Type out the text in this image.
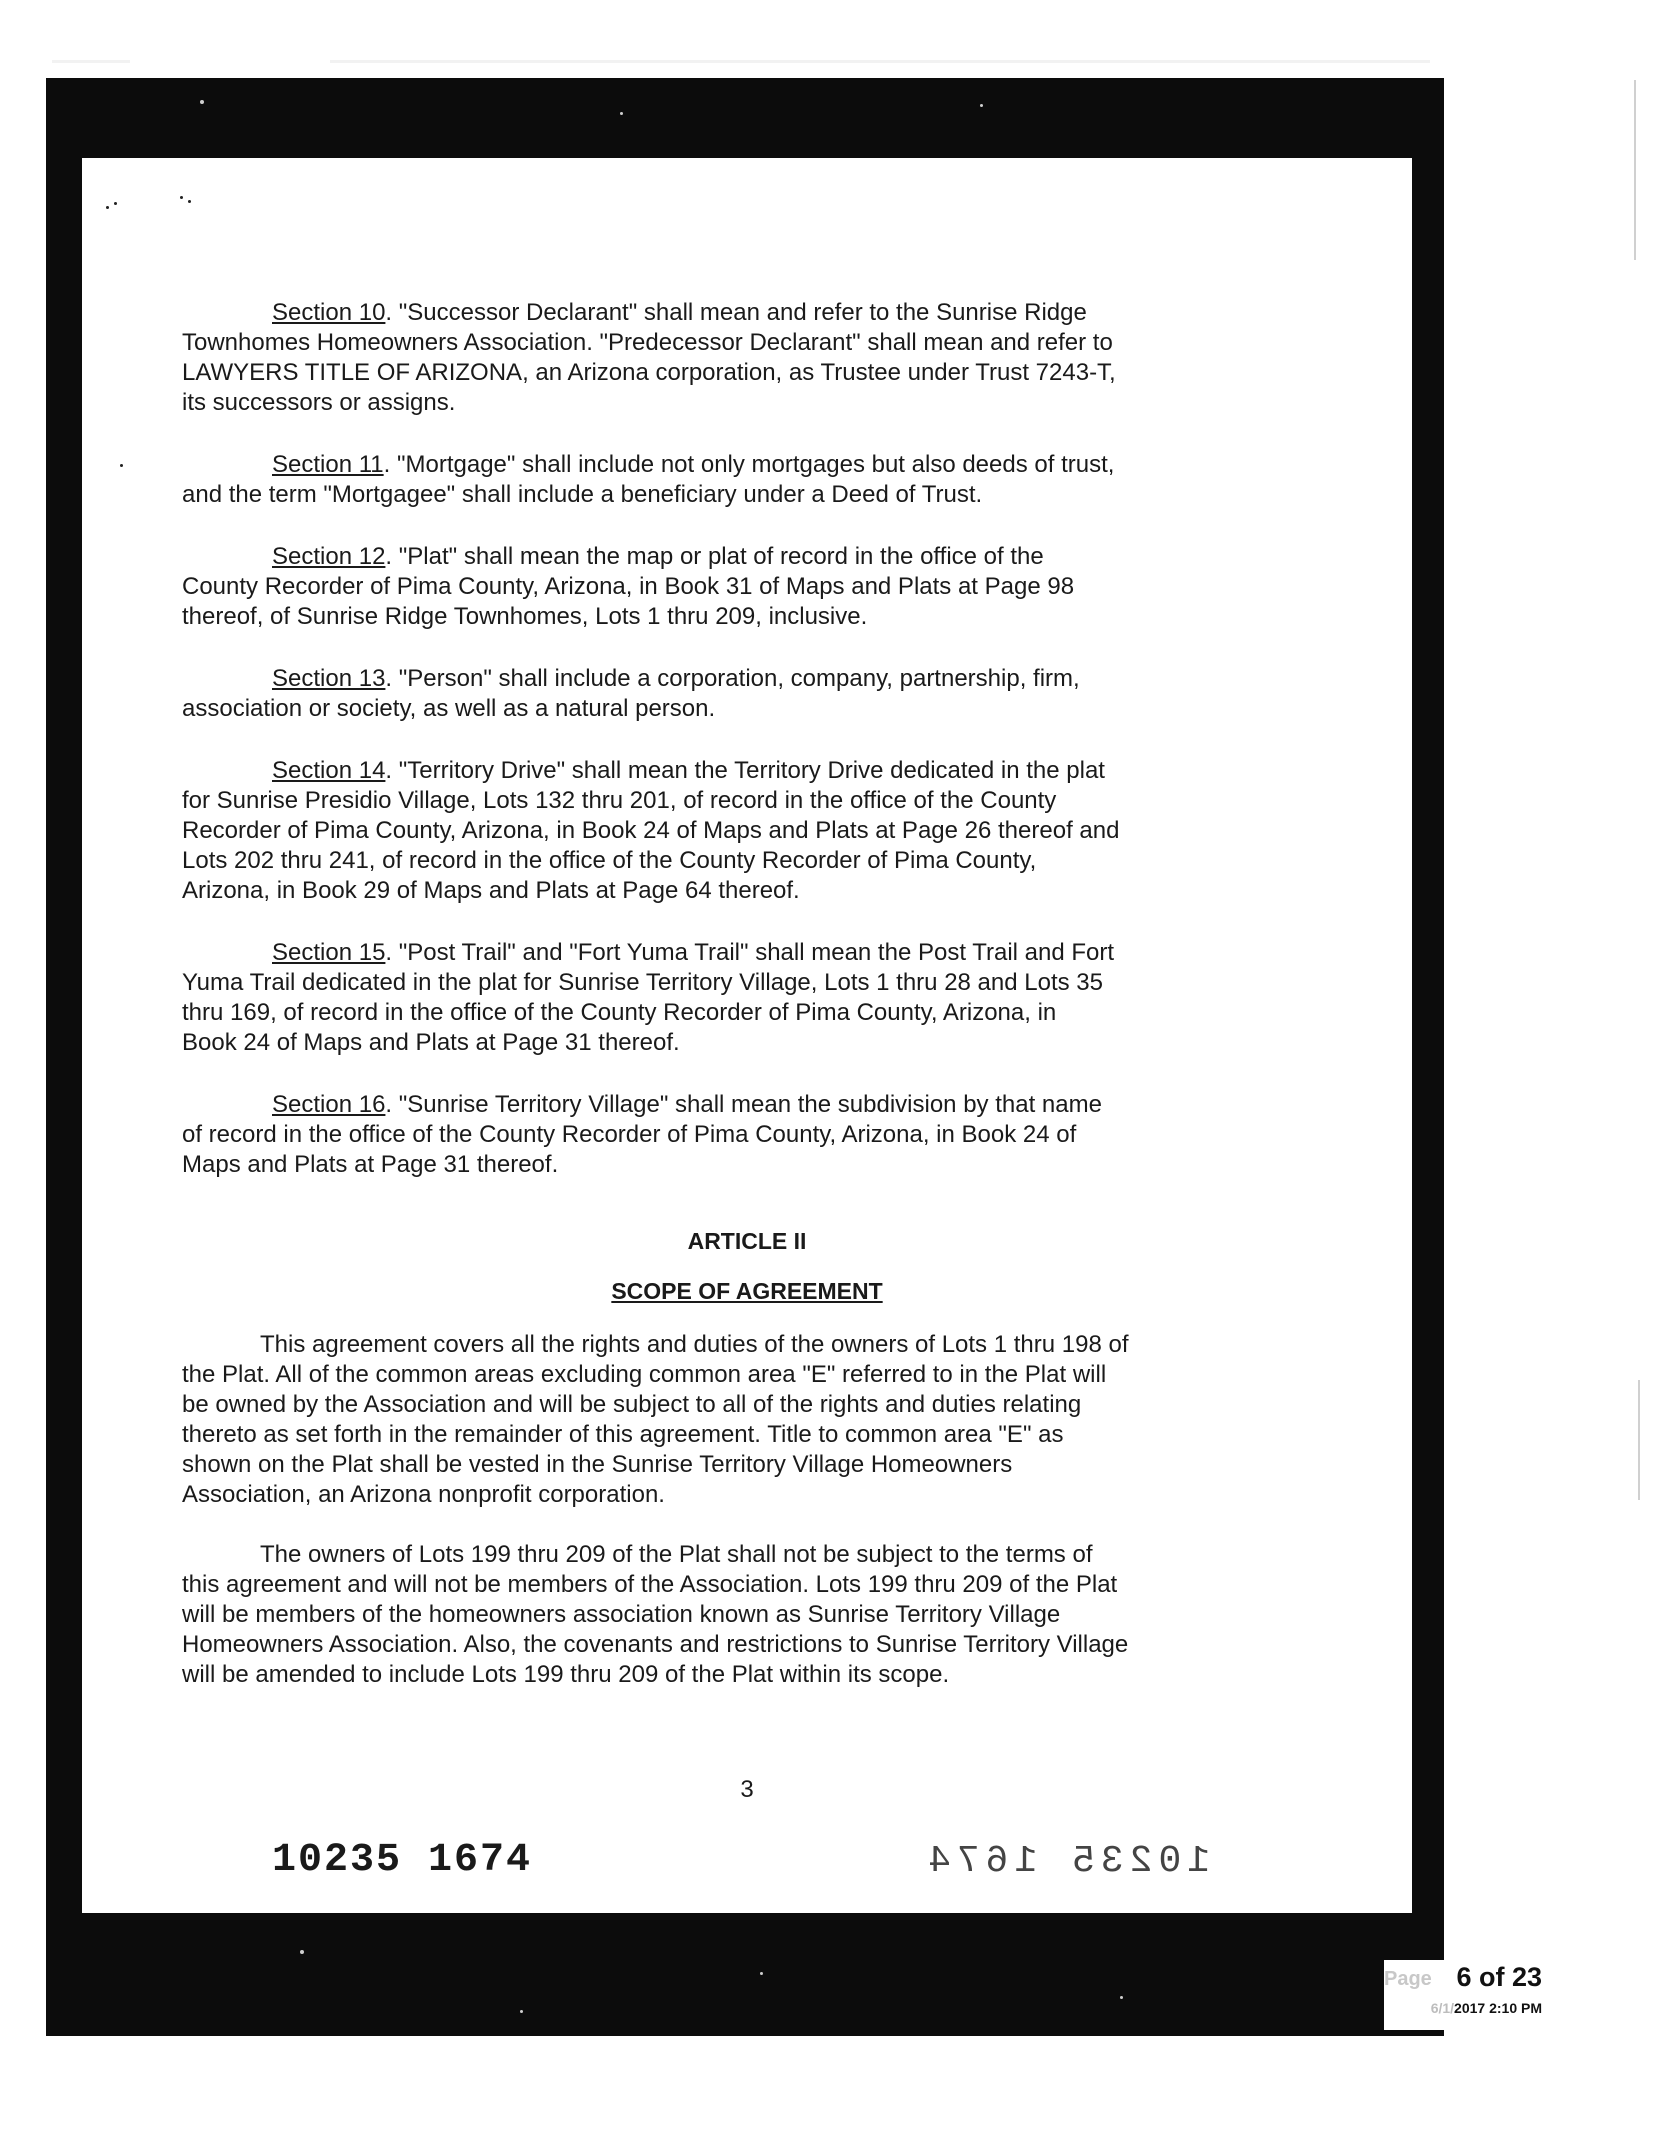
Section 10. "Successor Declarant" shall mean and refer to the Sunrise Ridge
Townhomes Homeowners Association. "Predecessor Declarant" shall mean and refer to
LAWYERS TITLE OF ARIZONA, an Arizona corporation, as Trustee under Trust 7243-T,
its successors or assigns.
Section 11. "Mortgage" shall include not only mortgages but also deeds of trust,
and the term "Mortgagee" shall include a beneficiary under a Deed of Trust.
Section 12. "Plat" shall mean the map or plat of record in the office of the
County Recorder of Pima County, Arizona, in Book 31 of Maps and Plats at Page 98
thereof, of Sunrise Ridge Townhomes, Lots 1 thru 209, inclusive.
Section 13. "Person" shall include a corporation, company, partnership, firm,
association or society, as well as a natural person.
Section 14. "Territory Drive" shall mean the Territory Drive dedicated in the plat
for Sunrise Presidio Village, Lots 132 thru 201, of record in the office of the County
Recorder of Pima County, Arizona, in Book 24 of Maps and Plats at Page 26 thereof and
Lots 202 thru 241, of record in the office of the County Recorder of Pima County,
Arizona, in Book 29 of Maps and Plats at Page 64 thereof.
Section 15. "Post Trail" and "Fort Yuma Trail" shall mean the Post Trail and Fort
Yuma Trail dedicated in the plat for Sunrise Territory Village, Lots 1 thru 28 and Lots 35
thru 169, of record in the office of the County Recorder of Pima County, Arizona, in
Book 24 of Maps and Plats at Page 31 thereof.
Section 16. "Sunrise Territory Village" shall mean the subdivision by that name
of record in the office of the County Recorder of Pima County, Arizona, in Book 24 of
Maps and Plats at Page 31 thereof.
ARTICLE II
SCOPE OF AGREEMENT
This agreement covers all the rights and duties of the owners of Lots 1 thru 198 of
the Plat. All of the common areas excluding common area "E" referred to in the Plat will
be owned by the Association and will be subject to all of the rights and duties relating
thereto as set forth in the remainder of this agreement. Title to common area "E" as
shown on the Plat shall be vested in the Sunrise Territory Village Homeowners
Association, an Arizona nonprofit corporation.
The owners of Lots 199 thru 209 of the Plat shall not be subject to the terms of
this agreement and will not be members of the Association. Lots 199 thru 209 of the Plat
will be members of the homeowners association known as Sunrise Territory Village
Homeowners Association. Also, the covenants and restrictions to Sunrise Territory Village
will be amended to include Lots 199 thru 209 of the Plat within its scope.
3
10235 1674	10235 1674
Page 6 of 23
6/1/2017 2:10 PM
